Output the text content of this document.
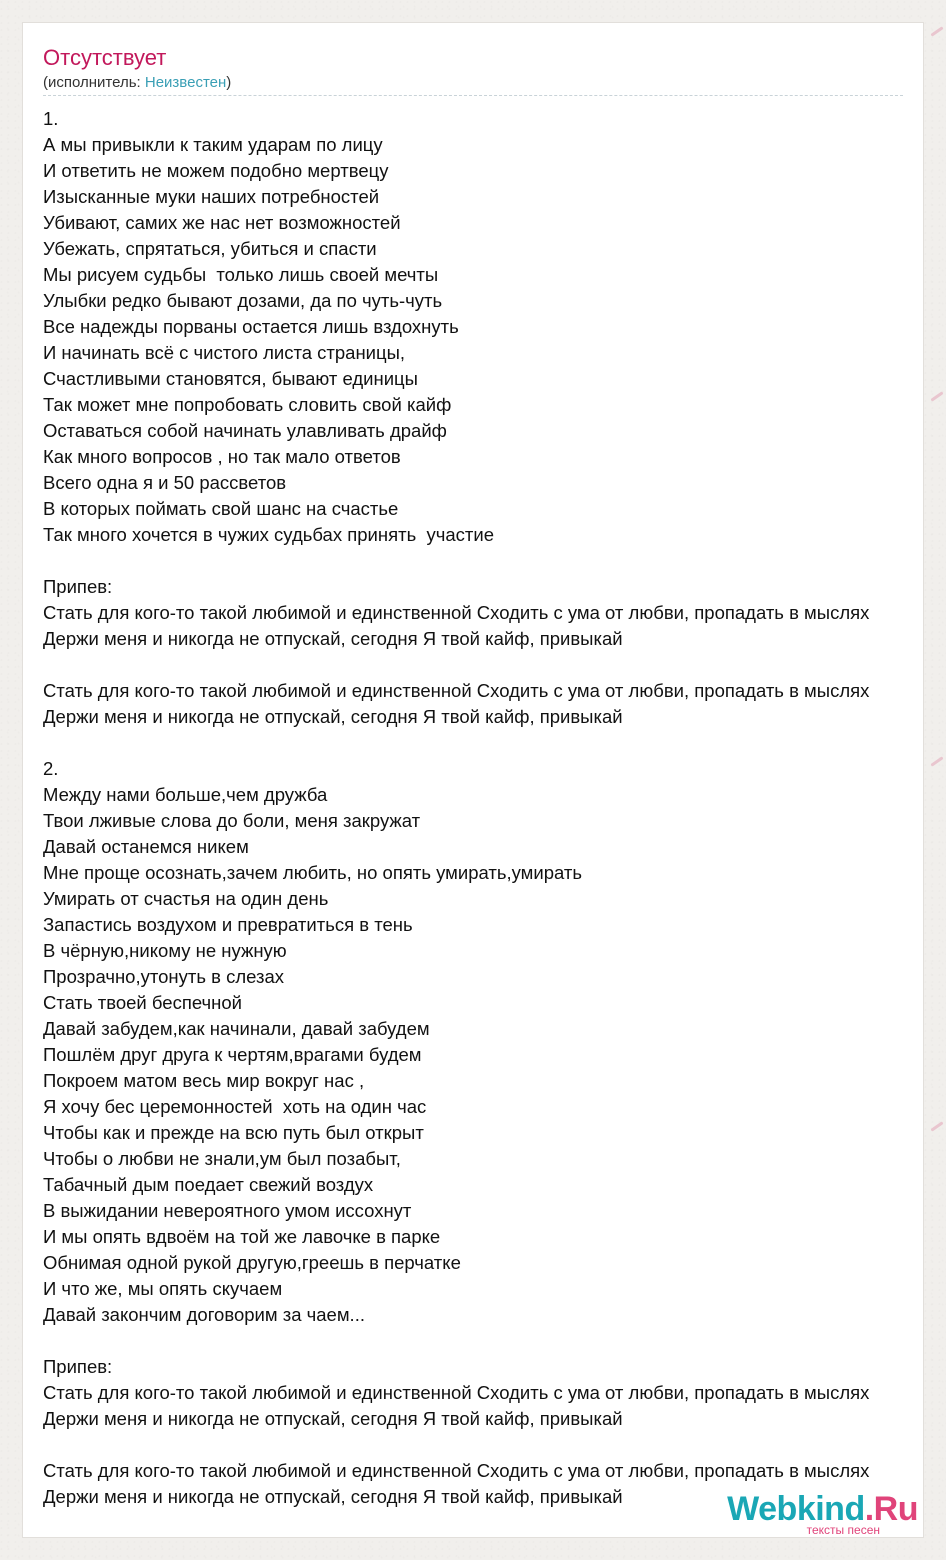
Отсутствует
(исполнитель: Неизвестен)
1.
А мы привыкли к таким ударам по лицу
И ответить не можем подобно мертвецу
Изысканные муки наших потребностей
Убивают, самих же нас нет возможностей
Убежать, спрятаться, убиться и спасти
Мы рисуем судьбы  только лишь своей мечты
Улыбки редко бывают дозами, да по чуть-чуть
Все надежды порваны остается лишь вздохнуть
И начинать всё с чистого листа страницы,
Счастливыми становятся, бывают единицы
Так может мне попробовать словить свой кайф
Оставаться собой начинать улавливать драйф
Как много вопросов , но так мало ответов
Всего одна я и 50 рассветов
В которых поймать свой шанс на счастье
Так много хочется в чужих судьбах принять  участие

Припев:
Стать для кого-то такой любимой и единственной Сходить с ума от любви, пропадать в мыслях
Держи меня и никогда не отпускай, сегодня Я твой кайф, привыкай

Стать для кого-то такой любимой и единственной Сходить с ума от любви, пропадать в мыслях
Держи меня и никогда не отпускай, сегодня Я твой кайф, привыкай

2.
Между нами больше,чем дружба
Твои лживые слова до боли, меня закружат
Давай останемся никем
Мне проще осознать,зачем любить, но опять умирать,умирать
Умирать от счастья на один день
Запастись воздухом и превратиться в тень
В чёрную,никому не нужную
Прозрачно,утонуть в слезах
Стать твоей беспечной
Давай забудем,как начинали, давай забудем
Пошлём друг друга к чертям,врагами будем
Покроем матом весь мир вокруг нас ,
Я хочу бес церемонностей  хоть на один час
Чтобы как и прежде на всю путь был открыт
Чтобы о любви не знали,ум был позабыт,
Табачный дым поедает свежий воздух
В выжидании невероятного умом иссохнут
И мы опять вдвоём на той же лавочке в парке
Обнимая одной рукой другую,греешь в перчатке
И что же, мы опять скучаем
Давай закончим договорим за чаем...

Припев:
Стать для кого-то такой любимой и единственной Сходить с ума от любви, пропадать в мыслях
Держи меня и никогда не отпускай, сегодня Я твой кайф, привыкай

Стать для кого-то такой любимой и единственной Сходить с ума от любви, пропадать в мыслях
Держи меня и никогда не отпускай, сегодня Я твой кайф, привыкай	Webkind.Ru
тексты песен
